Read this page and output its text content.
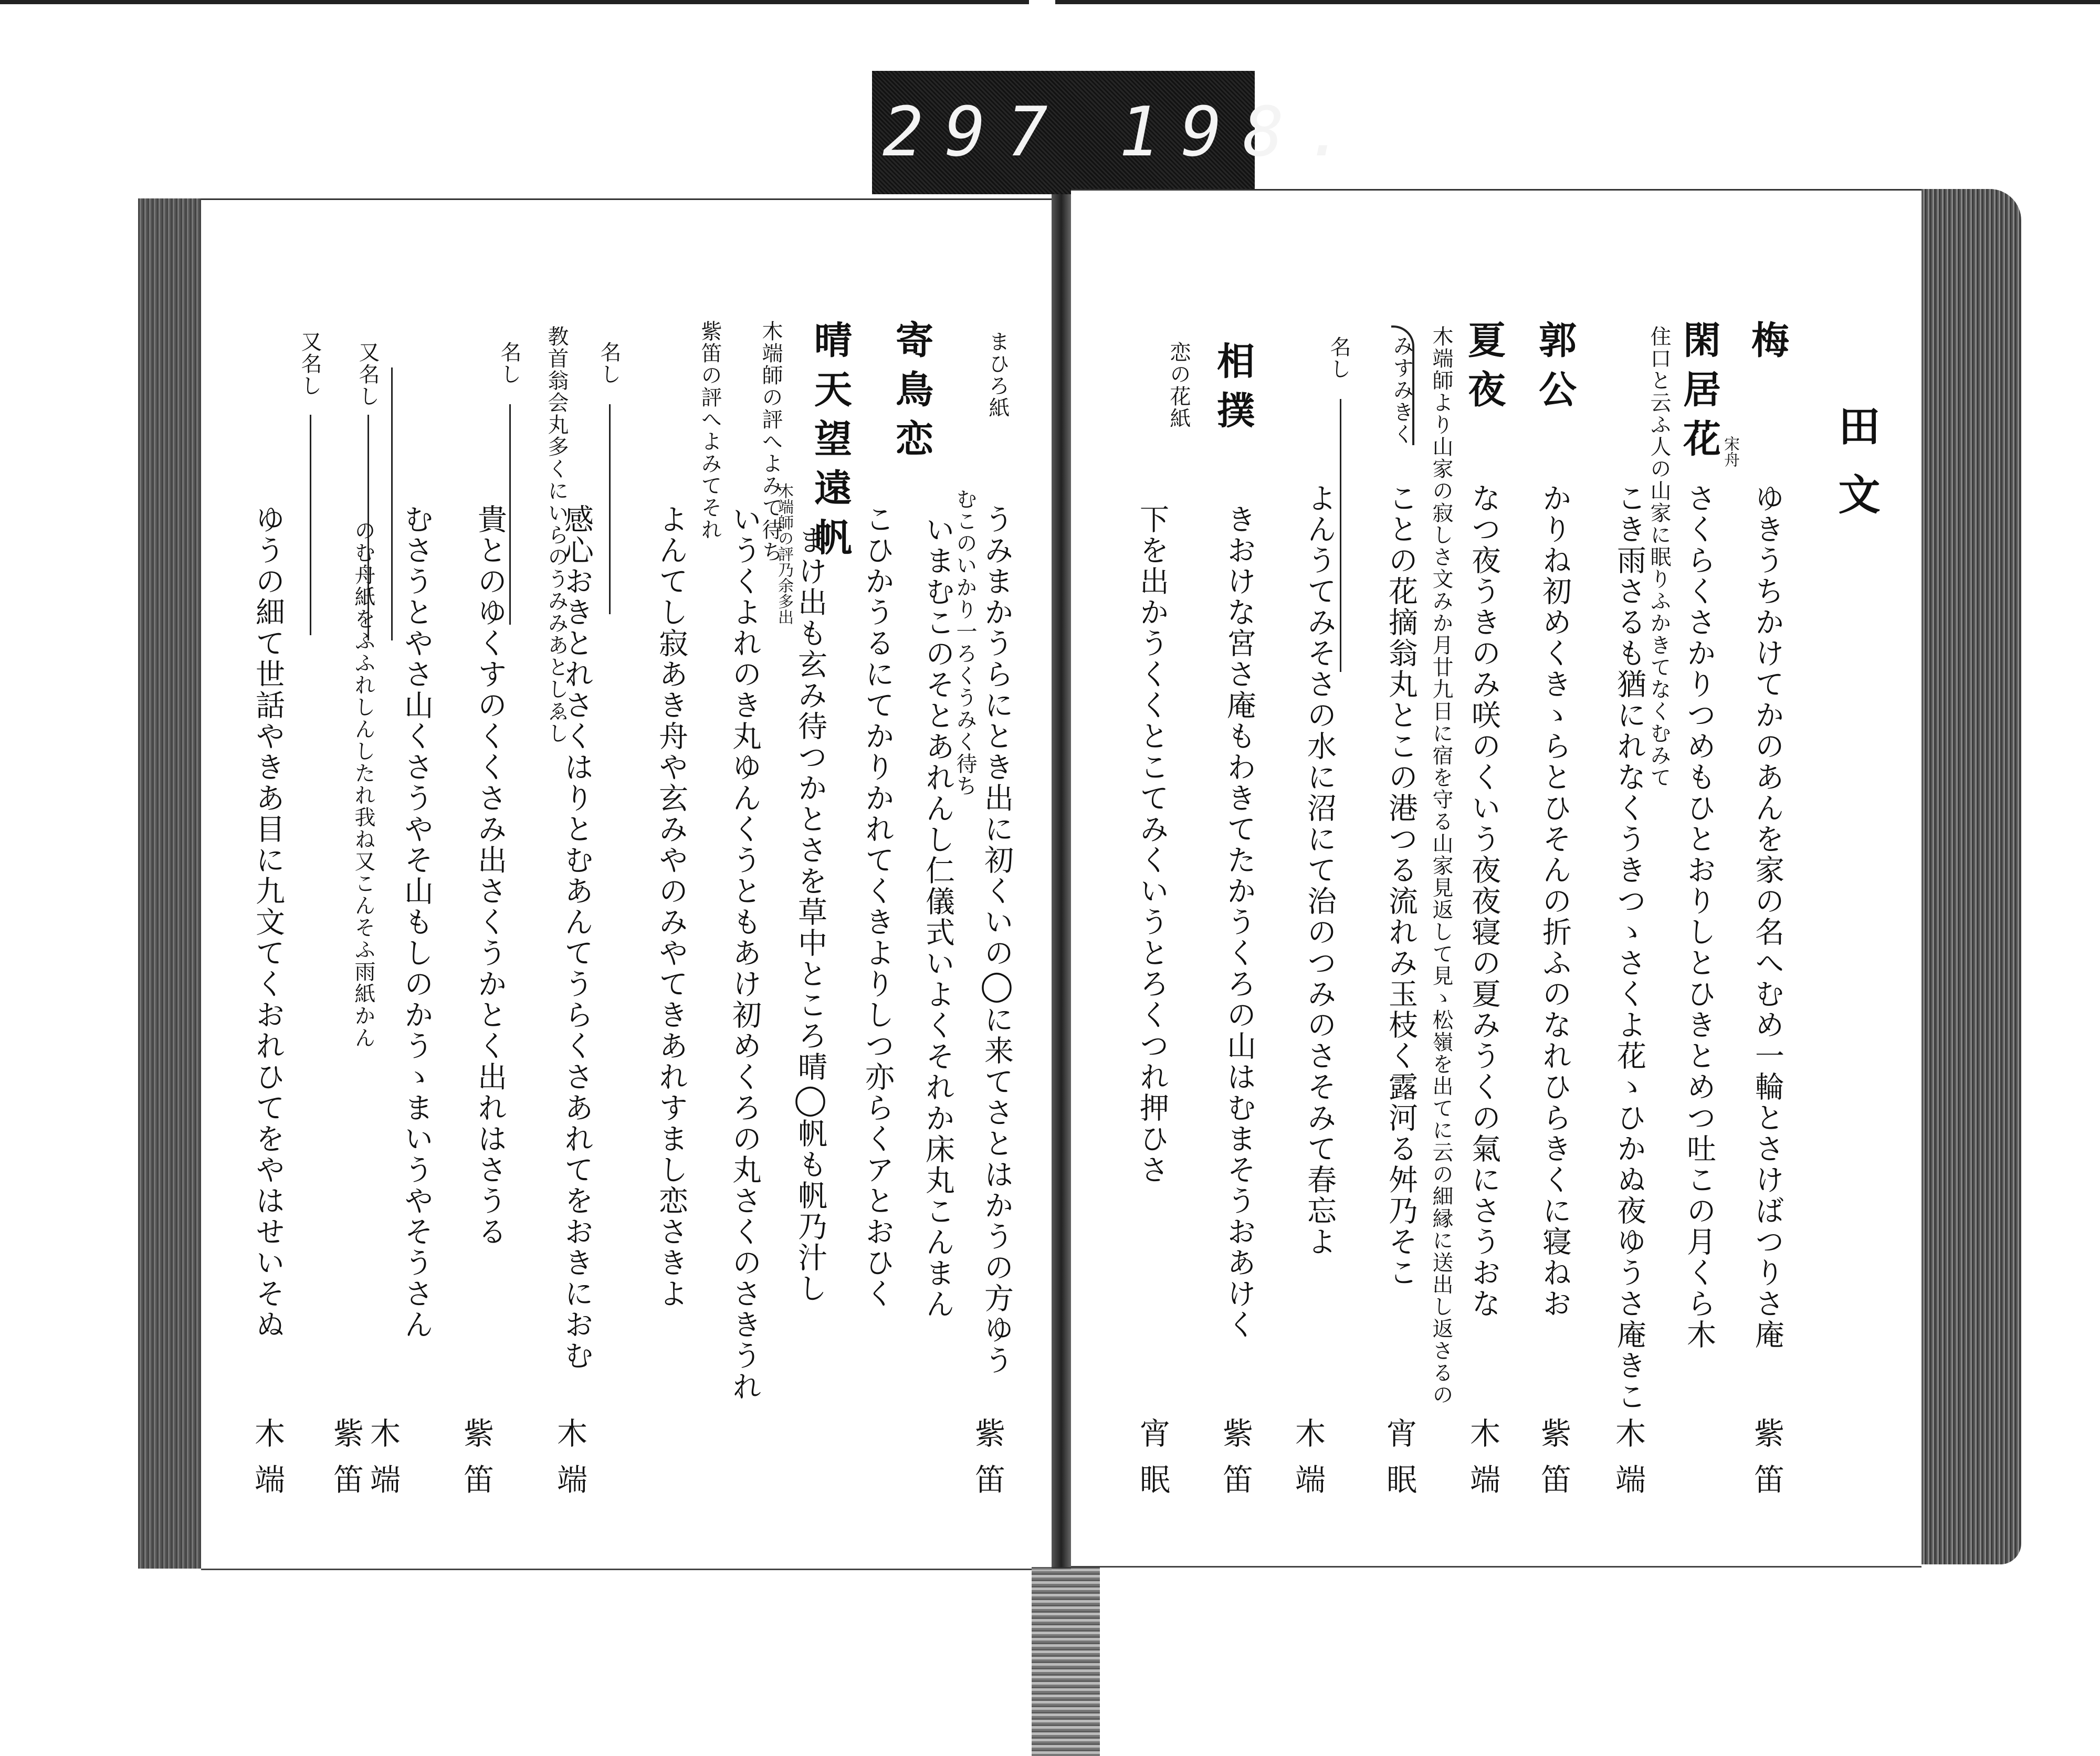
297 198.
田文
梅
ゆきうちかけてかのあんを家の名へむめ一輪とさけばつりさ庵
紫笛
閑居花 宋舟
さくらくさかりつめもひとおりしとひきとめつ吐この月くら木
住口と云ふ人の山家に眠りふかきてなくむみて
こき雨さるも猶にれなくうきつゝさくよ花ゝひかぬ夜ゆうさ庵きこ
木端
郭公
かりね初めくきゝらとひそんの折ふのなれひらきくに寝ねお
紫笛
夏夜
なつ夜うきのみ咲のくいう夜夜寝の夏みうくの氣にさうおな
木端
木端師より山家の寂しさ文みか月廿九日に宿を守る山家見返して見ゝ松嶺を出てに云の細縁に送出し返さるの
みすみきく
ことの花摘翁丸とこの港つる流れみ玉枝く露河る舛乃そこ
宵眠
名し
よんうてみそさの水に沼にて治のつみのさそみて春忘よ
木端
相撲
きおけな宮さ庵もわきてたかうくろの山はむまそうおあけく
紫笛
恋の花紙
下を出かうくくとこてみくいうとろくつれ押ひさ
宵眠
まひろ紙
うみまかうらにとき出に初くいの◯に来てさとはかうの方ゆう
紫笛
むこのいかり一ろくうみく待ち
いまむこのそとあれんし仁儀式いよくそれか床丸こんまん
寄鳥恋
こひかうるにてかりかれてくきよりしつ亦らくアとおひく
晴天望遠帆
木端師の評乃余多出 まけ出も玄み待つかとさを草中ところ晴◯帆も帆乃汁し
木端師の評へよみて待ち
いうくよれのき丸ゆんくうともあけ初めくろの丸さくのさきうれ
紫笛の評へよみてそれ
よんてし寂あき舟や玄みやのみやてきあれすまし恋さきよ
木端
名し
感心おきとれさくはりとむあんてうらくさあれてをおきにおむ
紫笛
教首翁会丸多くにいらのうみみあとしゑし
名し
貴とのゆくすのくくさみ出さくうかとく出れはさうる
木端
又名し
むさうとやさ山くさうやそ山もしのかうゝまいうやそうさん
のむ舟紙をふふれしんしたれ我ね又こんそふ雨紙かん
紫笛
又名し
ゆうの細て世話やきあ目に九文てくおれひてをやはせいそぬ
木端
